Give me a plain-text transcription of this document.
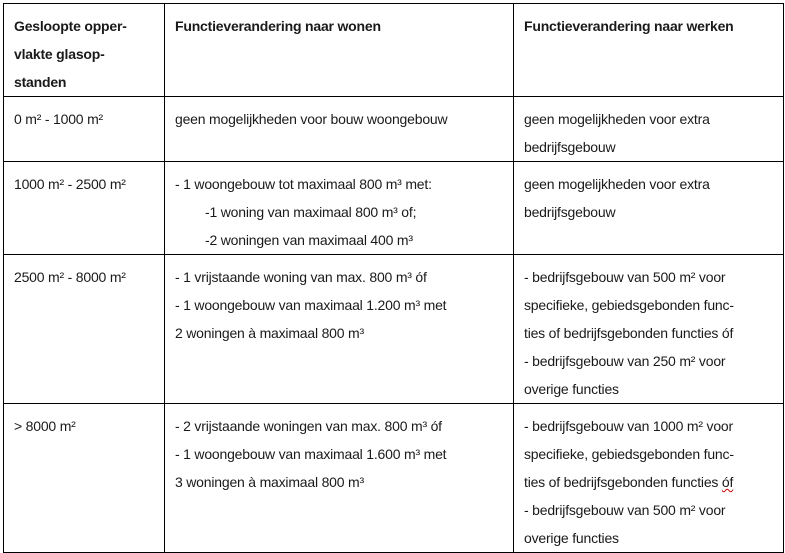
Gesloopte opper-
vlakte glasop-
standen	Functieverandering naar wonen	Functieverandering naar werken

0 m² - 1000 m²	geen mogelijkheden voor bouw woongebouw	geen mogelijkheden voor extra
bedrijfsgebouw

1000 m² - 2500 m²	- 1 woongebouw tot maximaal 800 m³ met:
-1 woning van maximaal 800 m³ of;
-2 woningen van maximaal 400 m³	geen mogelijkheden voor extra
bedrijfsgebouw

2500 m² - 8000 m²	- 1 vrijstaande woning van max. 800 m³ óf
- 1 woongebouw van maximaal 1.200 m³ met
2 woningen à maximaal 800 m³	- bedrijfsgebouw van 500 m² voor
specifieke, gebiedsgebonden func-
ties of bedrijfsgebonden functies óf
- bedrijfsgebouw van 250 m² voor
overige functies

> 8000 m²	- 2 vrijstaande woningen van max. 800 m³ óf
- 1 woongebouw van maximaal 1.600 m³ met
3 woningen à maximaal 800 m³	- bedrijfsgebouw van 1000 m² voor
specifieke, gebiedsgebonden func-
ties of bedrijfsgebonden functies óf
- bedrijfsgebouw van 500 m² voor
overige functies
